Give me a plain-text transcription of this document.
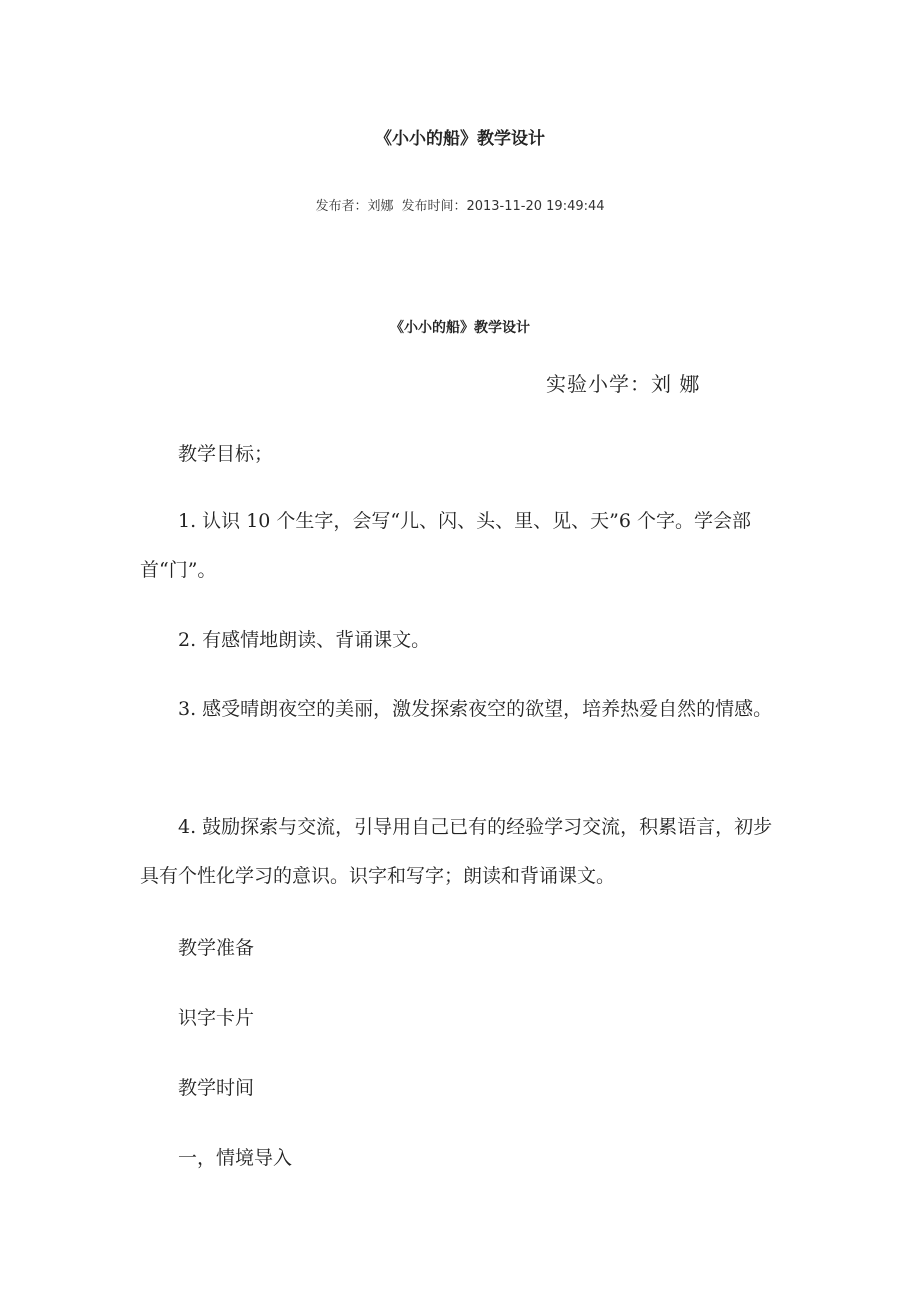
《小小的船》教学设计
发布者：刘娜 发布时间：2013-11-20 19:49:44
《小小的船》教学设计
实验小学：刘 娜
教学目标；

1. 认识 10 个生字，会写“儿、闪、头、里、见、天”6 个字。学会部首“门”。

2. 有感情地朗读、背诵课文。

3. 感受晴朗夜空的美丽，激发探索夜空的欲望，培养热爱自然的情感。

4. 鼓励探索与交流，引导用自己已有的经验学习交流，积累语言，初步具有个性化学习的意识。识字和写字；朗读和背诵课文。

教学准备
识字卡片
教学时间
一，情境导入
